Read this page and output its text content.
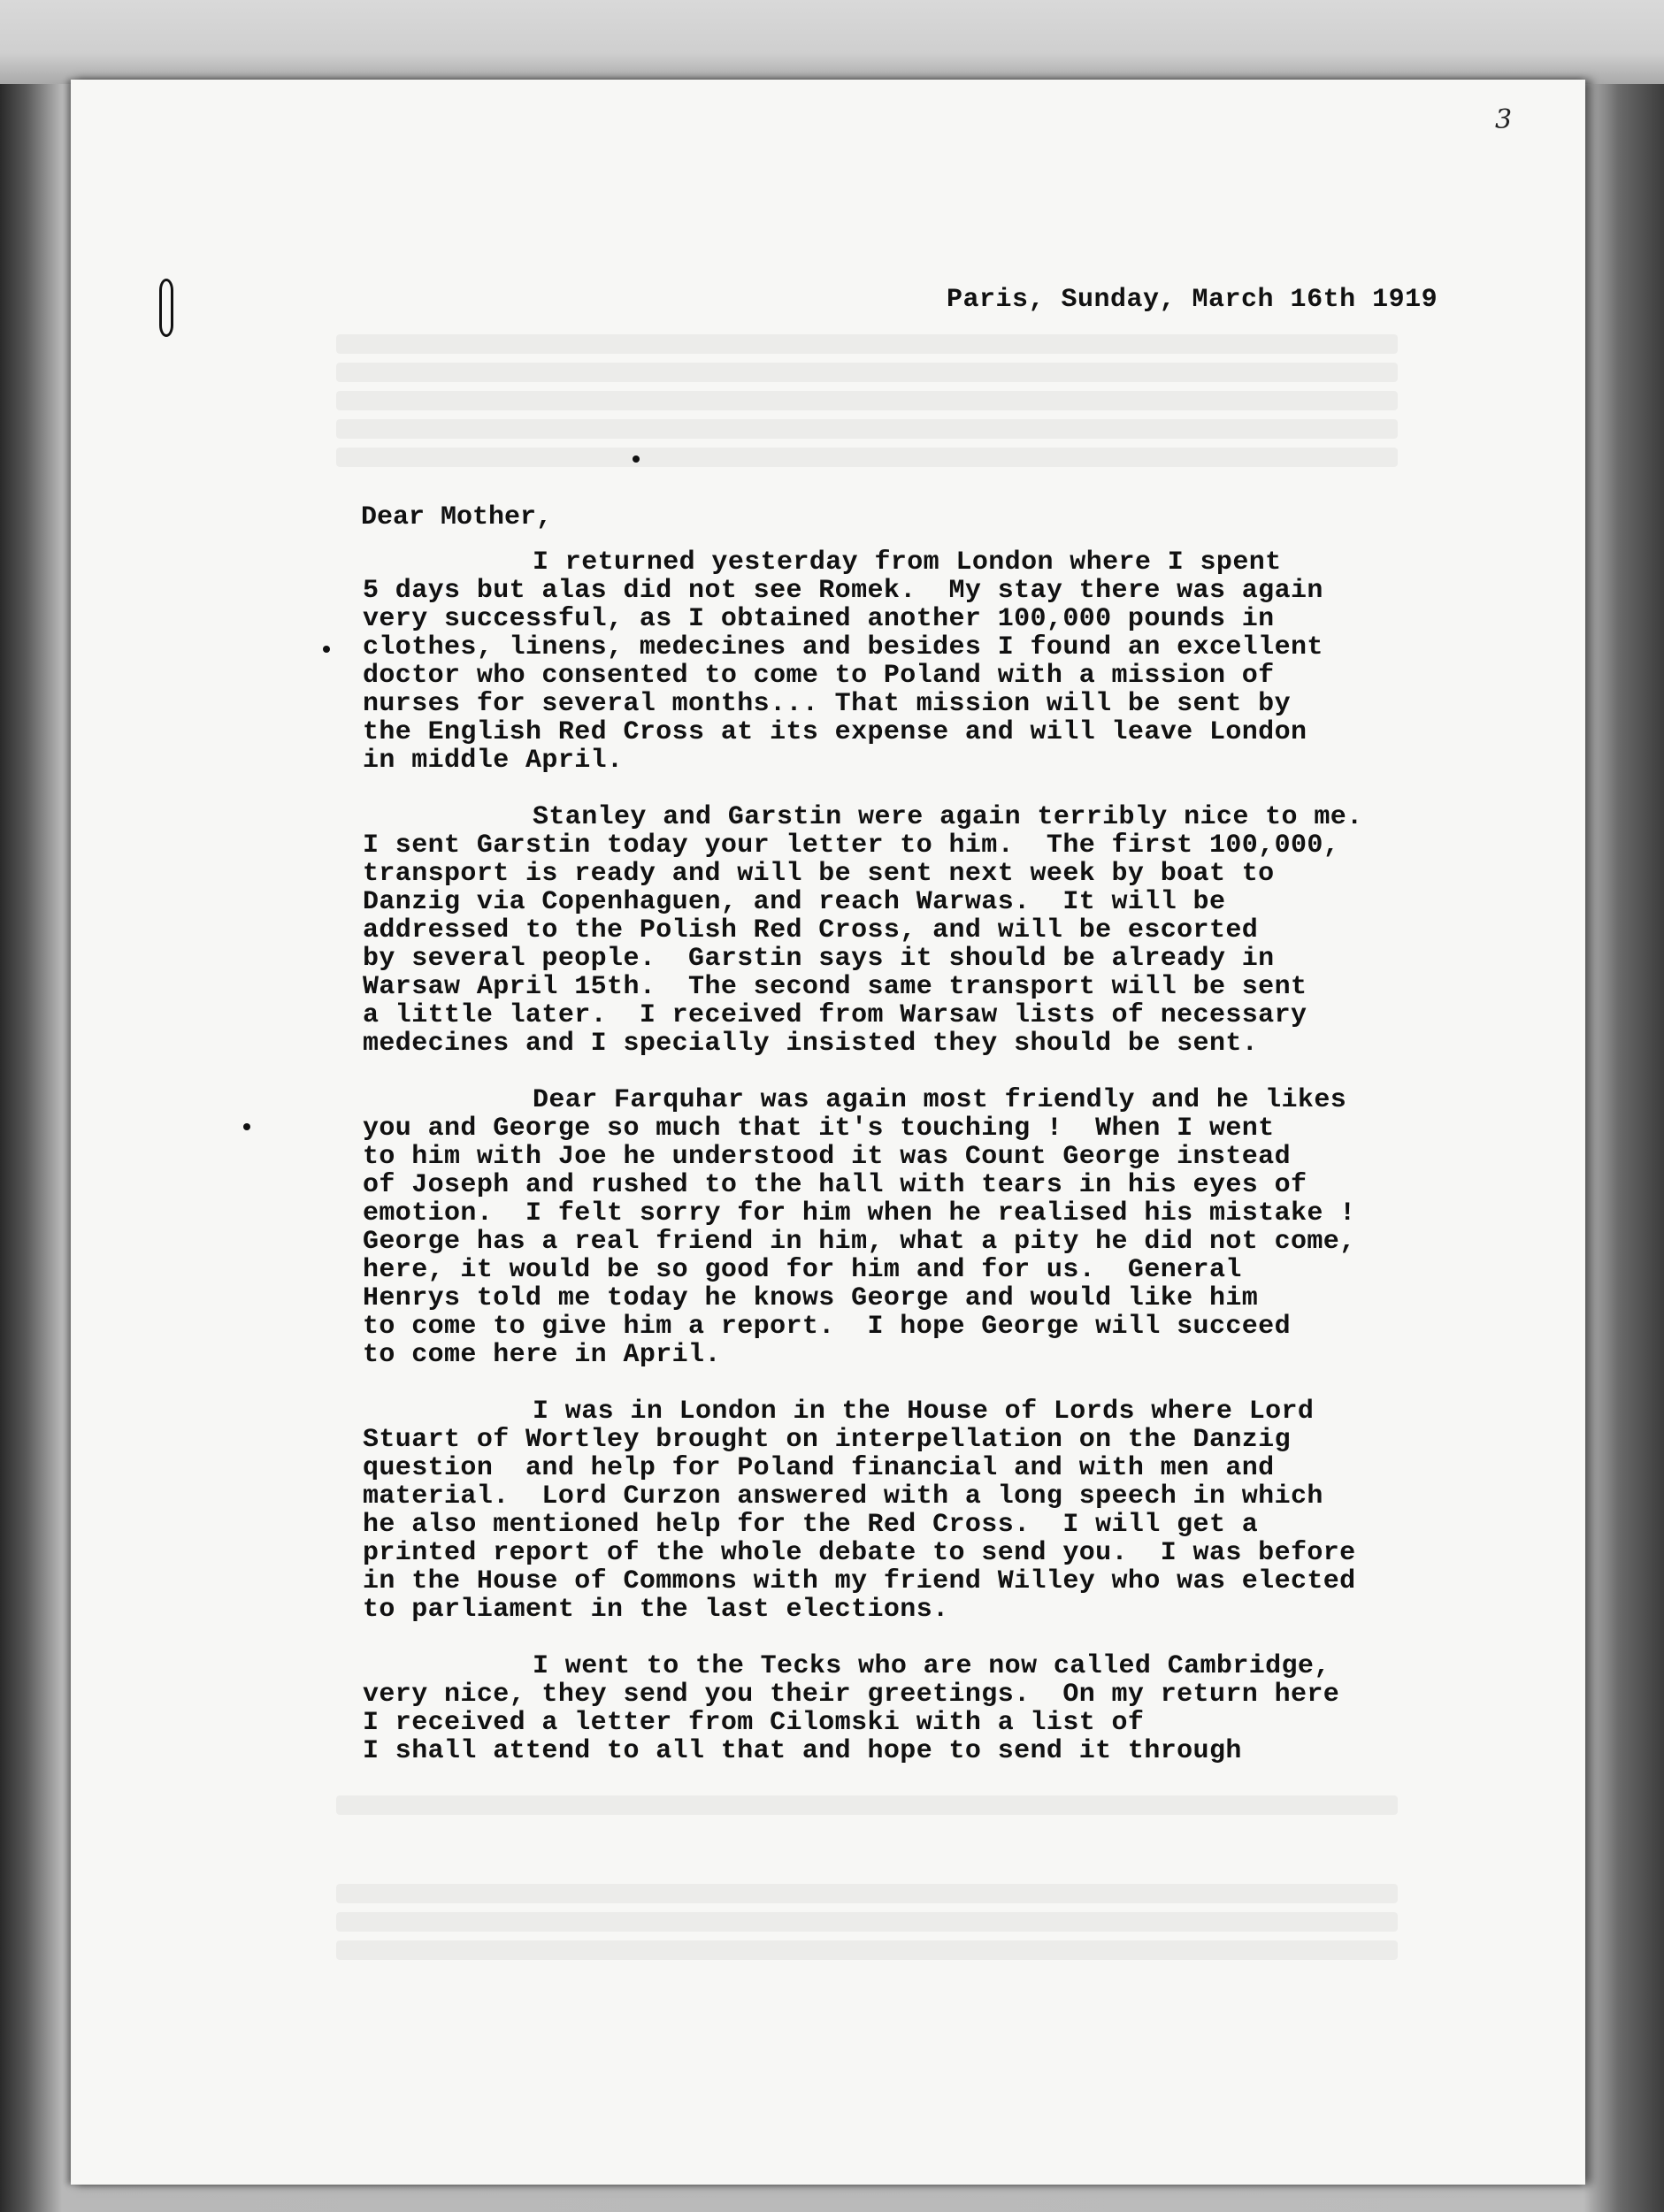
3
Paris, Sunday, March 16th 1919
Dear Mother,
I returned yesterday from London where I spent
5 days but alas did not see Romek.  My stay there was again
very successful, as I obtained another 100,000 pounds in
clothes, linens, medecines and besides I found an excellent
doctor who consented to come to Poland with a mission of
nurses for several months... That mission will be sent by
the English Red Cross at its expense and will leave London
in middle April.
Stanley and Garstin were again terribly nice to me.
I sent Garstin today your letter to him.  The first 100,000,
transport is ready and will be sent next week by boat to
Danzig via Copenhaguen, and reach Warwas.  It will be
addressed to the Polish Red Cross, and will be escorted
by several people.  Garstin says it should be already in
Warsaw April 15th.  The second same transport will be sent
a little later.  I received from Warsaw lists of necessary
medecines and I specially insisted they should be sent.
Dear Farquhar was again most friendly and he likes
you and George so much that it's touching !  When I went
to him with Joe he understood it was Count George instead
of Joseph and rushed to the hall with tears in his eyes of
emotion.  I felt sorry for him when he realised his mistake !
George has a real friend in him, what a pity he did not come,
here, it would be so good for him and for us.  General
Henrys told me today he knows George and would like him
to come to give him a report.  I hope George will succeed
to come here in April.
I was in London in the House of Lords where Lord
Stuart of Wortley brought on interpellation on the Danzig
question  and help for Poland financial and with men and
material.  Lord Curzon answered with a long speech in which
he also mentioned help for the Red Cross.  I will get a
printed report of the whole debate to send you.  I was before
in the House of Commons with my friend Willey who was elected
to parliament in the last elections.
I went to the Tecks who are now called Cambridge,
very nice, they send you their greetings.  On my return here
I received a letter from Cilomski with a list of
I shall attend to all that and hope to send it through
